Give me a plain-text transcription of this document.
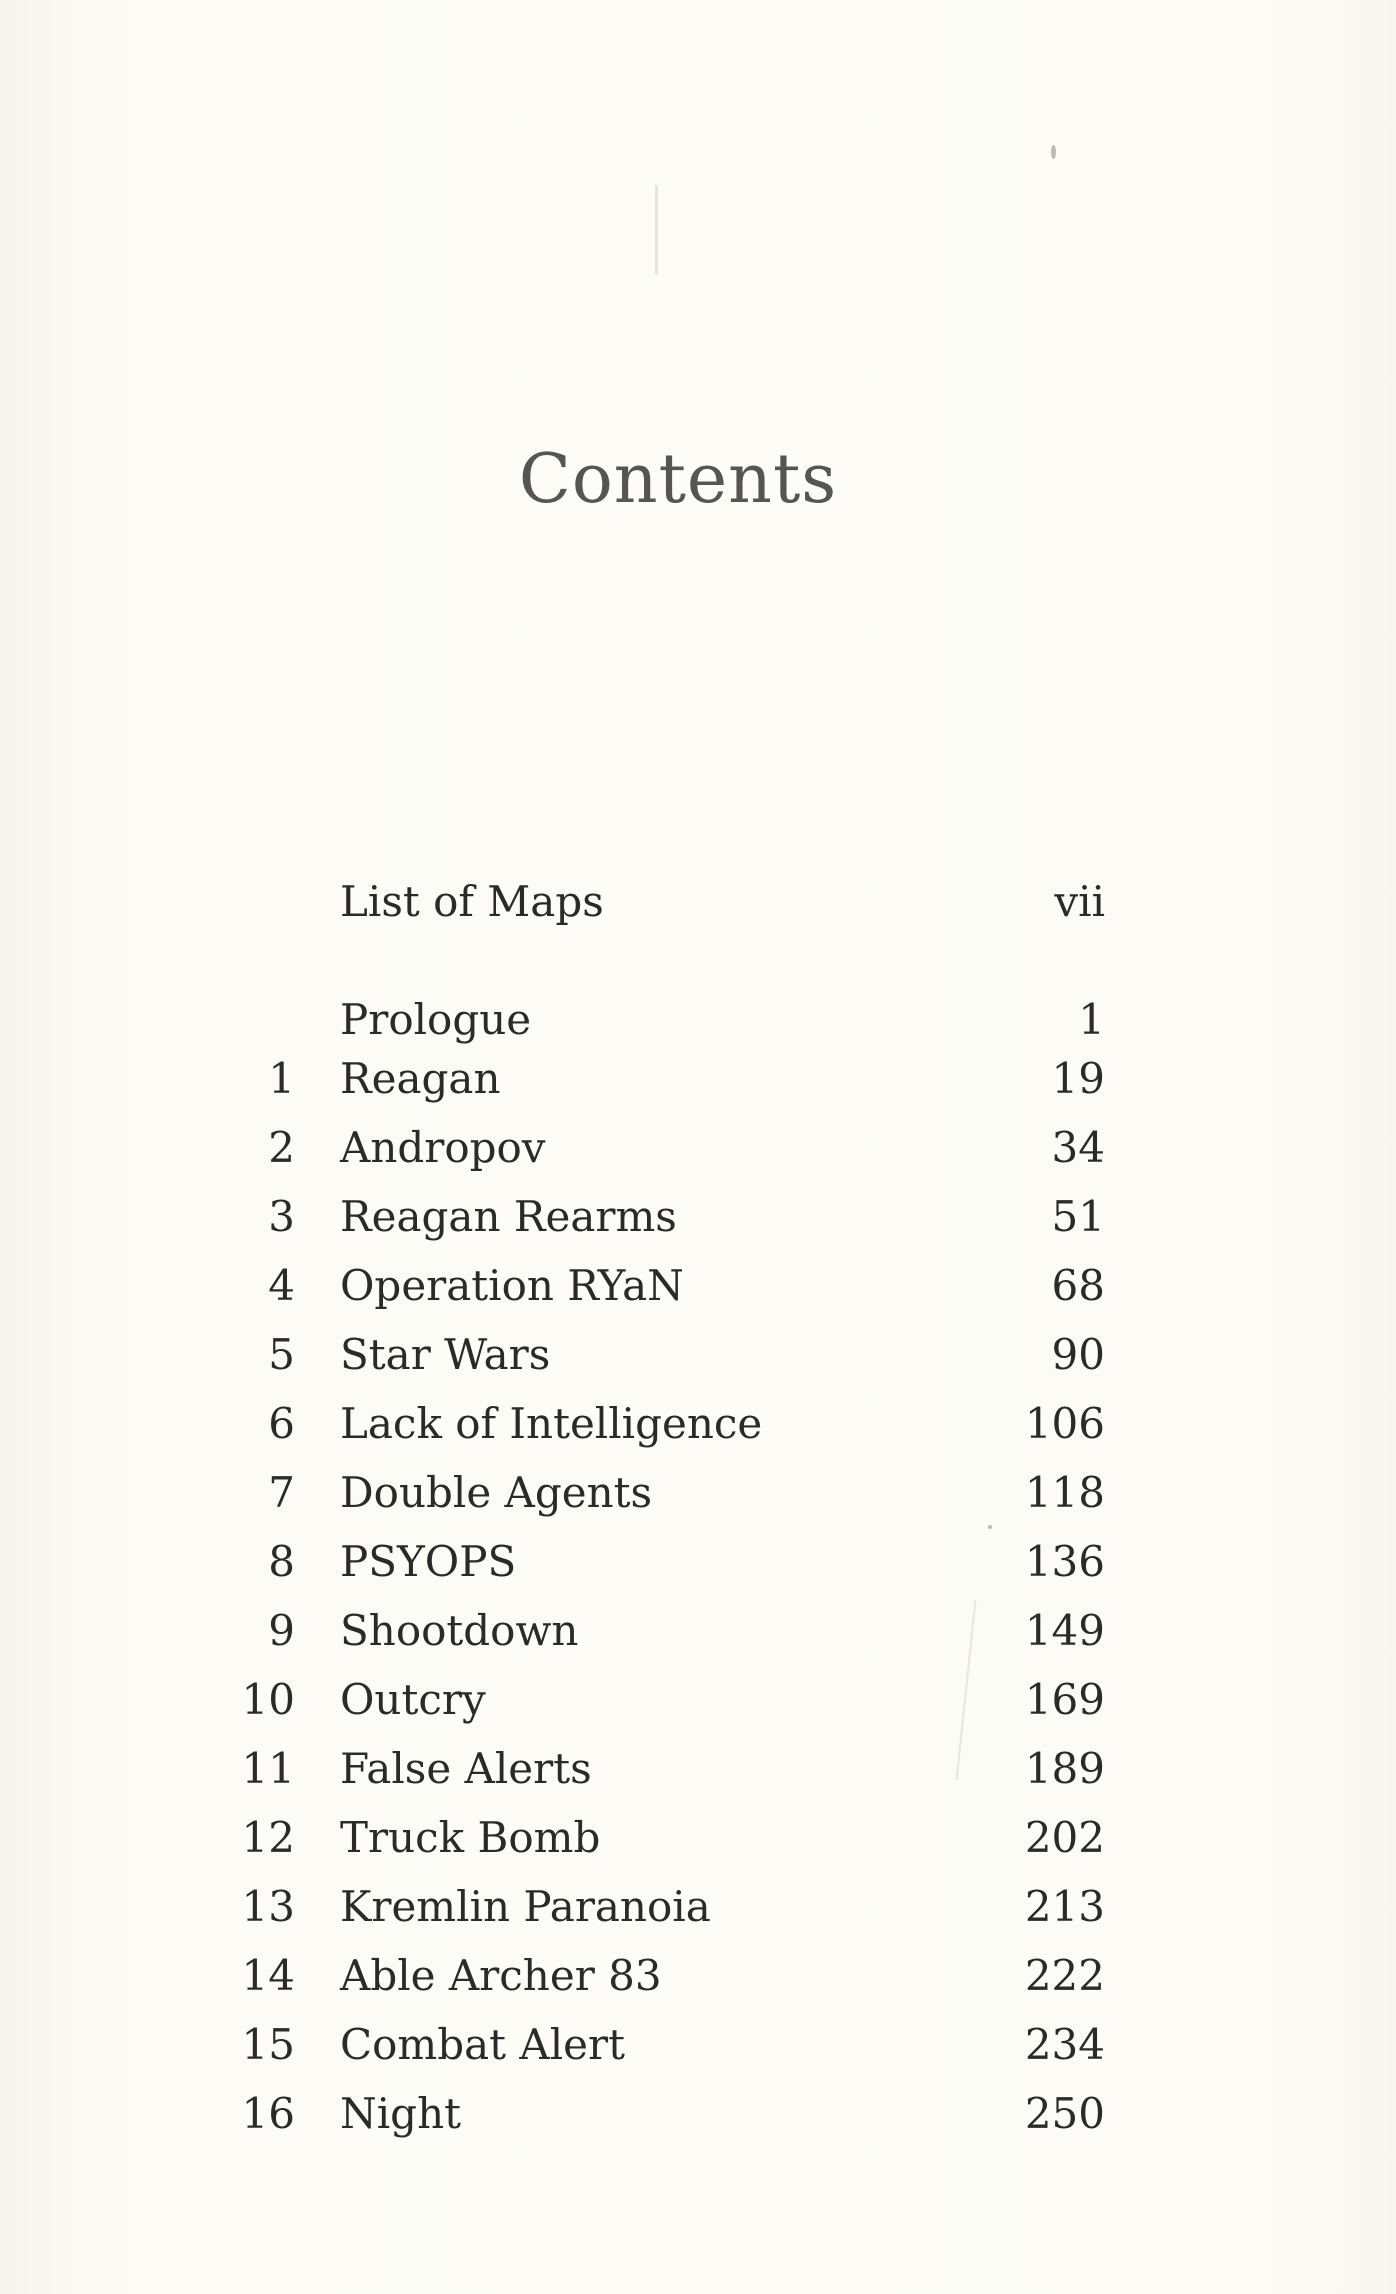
Contents
List of Maps	vii
Prologue	1
1 Reagan	19
2 Andropov	34
3 Reagan Rearms	51
4 Operation RYaN	68
5 Star Wars	90
6 Lack of Intelligence	106
7 Double Agents	118
8 PSYOPS	136
9 Shootdown	149
10 Outcry	169
11 False Alerts	189
12 Truck Bomb	202
13 Kremlin Paranoia	213
14 Able Archer 83	222
15 Combat Alert	234
16 Night	250
